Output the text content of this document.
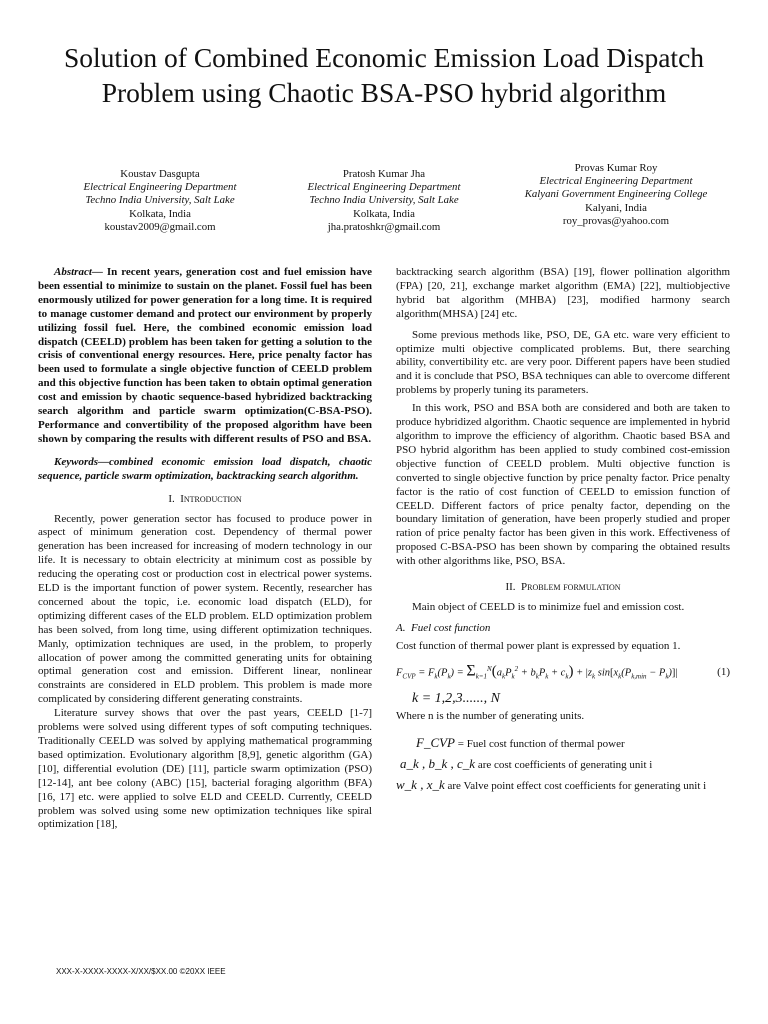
Solution of Combined Economic Emission Load Dispatch Problem using Chaotic BSA-PSO hybrid algorithm
Koustav Dasgupta
Electrical Engineering Department
Techno India University, Salt Lake
Kolkata, India
koustav2009@gmail.com
Pratosh Kumar Jha
Electrical Engineering Department
Techno India University, Salt Lake
Kolkata, India
jha.pratoshkr@gmail.com
Provas Kumar Roy
Electrical Engineering Department
Kalyani Government Engineering College
Kalyani, India
roy_provas@yahoo.com

Abstract— In recent years, generation cost and fuel emission have been essential to minimize to sustain on the planet. Fossil fuel has been enormously utilized for power generation for a long time. It is required to manage customer demand and protect our environment by properly utilizing fossil fuel. Here, the combined economic emission load dispatch (CEELD) problem has been taken for getting a solution to the crisis of conventional energy resources. Here, price penalty factor has been used to formulate a single objective function of CEELD problem and this objective function has been taken to obtain optimal generation cost and emission by chaotic sequence-based hybridized backtracking search algorithm and particle swarm optimization(C-BSA-PSO). Performance and convertibility of the proposed algorithm have been shown by comparing the results with different results of PSO and BSA.

Keywords—combined economic emission load dispatch, chaotic sequence, particle swarm optimization, backtracking search algorithm.

I. Introduction

Recently, power generation sector has focused to produce power in aspect of minimum generation cost. Dependency of thermal power generation has been increased for increasing of modern technology in our life. It is necessary to obtain electricity at minimum cost as possible by reducing the operating cost or production cost in electrical power systems. ELD is the important function of power system. Recently, researcher has concerned about the topic, i.e. economic load dispatch (ELD), for optimizing different cases of the ELD problem. ELD optimization problem has been solved, from long time, using different optimization techniques. Manly, optimization techniques are used, in the problem, to properly allocation of power among the committed generating units for obtaining optimal generation cost and emission. Different linear, nonlinear constraints are considered in ELD problem. This problem is made more complicated by considering different generating constraints.

Literature survey shows that over the past years, CEELD [1-7] problems were solved using different types of soft computing techniques. Traditionally CEELD was solved by applying mathematical programming based optimization. Evolutionary algorithm [8,9], genetic algorithm (GA) [10], differential evolution (DE) [11], particle swarm optimization (PSO) [12-14], ant bee colony (ABC) [15], bacterial foraging algorithm (BFA) [16, 17] etc. were applied to solve ELD and CEELD. Currently, CEELD problem was solved using some new optimization techniques like spiral optimization [18],

backtracking search algorithm (BSA) [19], flower pollination algorithm (FPA) [20, 21], exchange market algorithm (EMA) [22], multiobjective hybrid bat algorithm (MHBA) [23], modified harmony search algorithm(MHSA) [24] etc.

Some previous methods like, PSO, DE, GA etc. ware very efficient to optimize multi objective complicated problems. But, there searching ability, convertibility etc. are very poor. Different papers have been studied and it is conclude that PSO, BSA techniques can able to overcome different problems by properly tuning its parameters.

In this work, PSO and BSA both are considered and both are taken to produce hybridized algorithm. Chaotic sequence are implemented in hybrid algorithm to improve the efficiency of algorithm. Chaotic based BSA and PSO hybrid algorithm has been applied to study combined cost-emission objective function of CEELD problem. Multi objective function is converted to single objective function by price penalty factor. Price penalty factor is the ratio of cost function of CEELD to emission function of CEELD. Different factors of price penalty factor, depending on the boundary limitation of generation, have been properly studied and proper ration of price penalty factor has been given in this work. Effectiveness of proposed C-BSA-PSO has been shown by comparing the obtained results with other algorithms like, PSO, BSA.

II. Problem formulation

Main object of CEELD is to minimize fuel and emission cost.

A. Fuel cost function

Cost function of thermal power plant is expressed by equation 1.

$F_{CVP} = F_k(P_k) = \Sigma_{k=1}^N(a_kP_k^2 + b_kP_k + c_k) + |z_k$ $\sin[x_k(P_{k,min} - P_k)]|$	(1)

k = 1,2,3......, N

Where n is the number of generating units.

F_CVP = Fuel cost function of thermal power

a_k , b_k , c_k are cost coefficients of generating unit i

w_k , x_k are Valve point effect cost coefficients for generating unit i

XXX-X-XXXX-XXXX-X/XX/$XX.00 ©20XX IEEE
